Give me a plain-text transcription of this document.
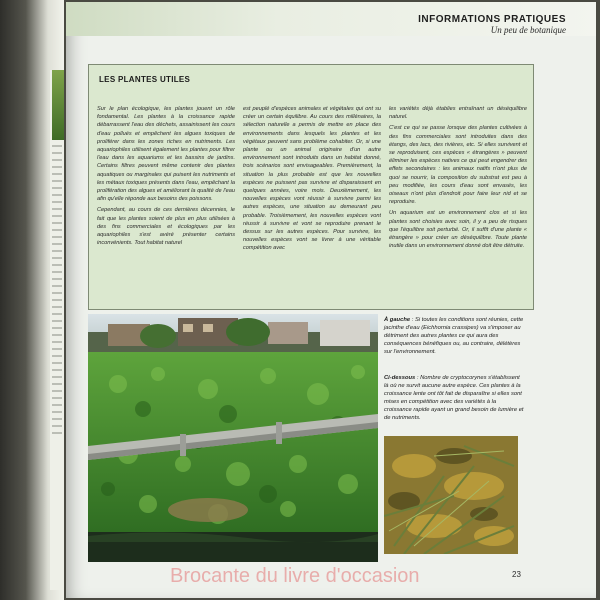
INFORMATIONS PRATIQUES
Un peu de botanique
LES PLANTES UTILES

Sur le plan écologique, les plantes jouent un rôle fondamental. Les plantes à la croissance rapide débarrassent l'eau des déchets, assainissent les cours d'eau pollués et empêchent les algues toxiques de proliférer dans les zones riches en nutriments. Les aquariophiles utilisent également les plantes pour filtrer l'eau dans les aquariums et les bassins de jardins. Certains filtres peuvent même contenir des plantes aquatiques ou marginales qui puisent les nutriments et les métaux toxiques présents dans l'eau, empêchant la prolifération des algues et améliorant la qualité de l'eau afin qu'elle réponde aux besoins des poissons.

Cependant, au cours de ces dernières décennies, le fait que les plantes soient de plus en plus utilisées à des fins commerciales et écologiques par les aquariophiles s'est avéré présenter certains inconvénients. Tout habitat naturel

est peuplé d'espèces animales et végétales qui ont su créer un certain équilibre. Au cours des millénaires, la sélection naturelle a permis de mettre en place des environnements dans lesquels les plantes et les végétaux peuvent sans problème cohabiter. Or, si une plante ou un animal originaire d'un autre environnement sont introduits dans un habitat donné, trois scénarios sont envisageables. Premièrement, la situation la plus probable est que les nouvelles espèces ne puissent pas survivre et disparaissent en quelques années, voire mois. Deuxièmement, les nouvelles espèces vont réussir à survivre parmi les autres espèces, une situation au demeurant peu probable. Troisièmement, les nouvelles espèces vont réussir à survivre et vont se reproduire prenant le dessus sur les autres espèces. Pour survivre, les nouvelles espèces vont se livrer à une véritable compétition avec

les variétés déjà établies entraînant un déséquilibre naturel.

C'est ce qui se passe lorsque des plantes cultivées à des fins commerciales sont introduites dans des étangs, des lacs, des rivières, etc. Si elles survivent et se reproduisent, ces espèces « étrangères » peuvent éliminer les espèces natives ce qui peut engendrer des effets secondaires : les animaux natifs n'ont plus de quoi se nourrir, la composition du substrat est peu à peu modifiée, les cours d'eau sont envasés, les oiseaux n'ont plus d'endroit pour faire leur nid et se reproduire.

Un aquarium est un environnement clos et si les plantes sont choisies avec soin, il y a peu de risques que l'équilibre soit perturbé. Or, il suffit d'une plante « étrangère » pour créer un déséquilibre. Toute plante inutile dans un environnement donné doit être détruite.

À gauche : Si toutes les conditions sont réunies, cette jacinthe d'eau (Eichhornia crassipes) va s'imposer au détriment des autres plantes ce qui aura des conséquences bénéfiques ou, au contraire, délétères sur l'environnement.
Ci-dessous : Nombre de cryptocorynes s'établissent là où ne survit aucune autre espèce. Ces plantes à la croissance lente ont tôt fait de disparaître si elles sont mises en compétition avec des variétés à la croissance rapide ayant un grand besoin de lumière et de nutriments.
23
Brocante du livre d'occasion
